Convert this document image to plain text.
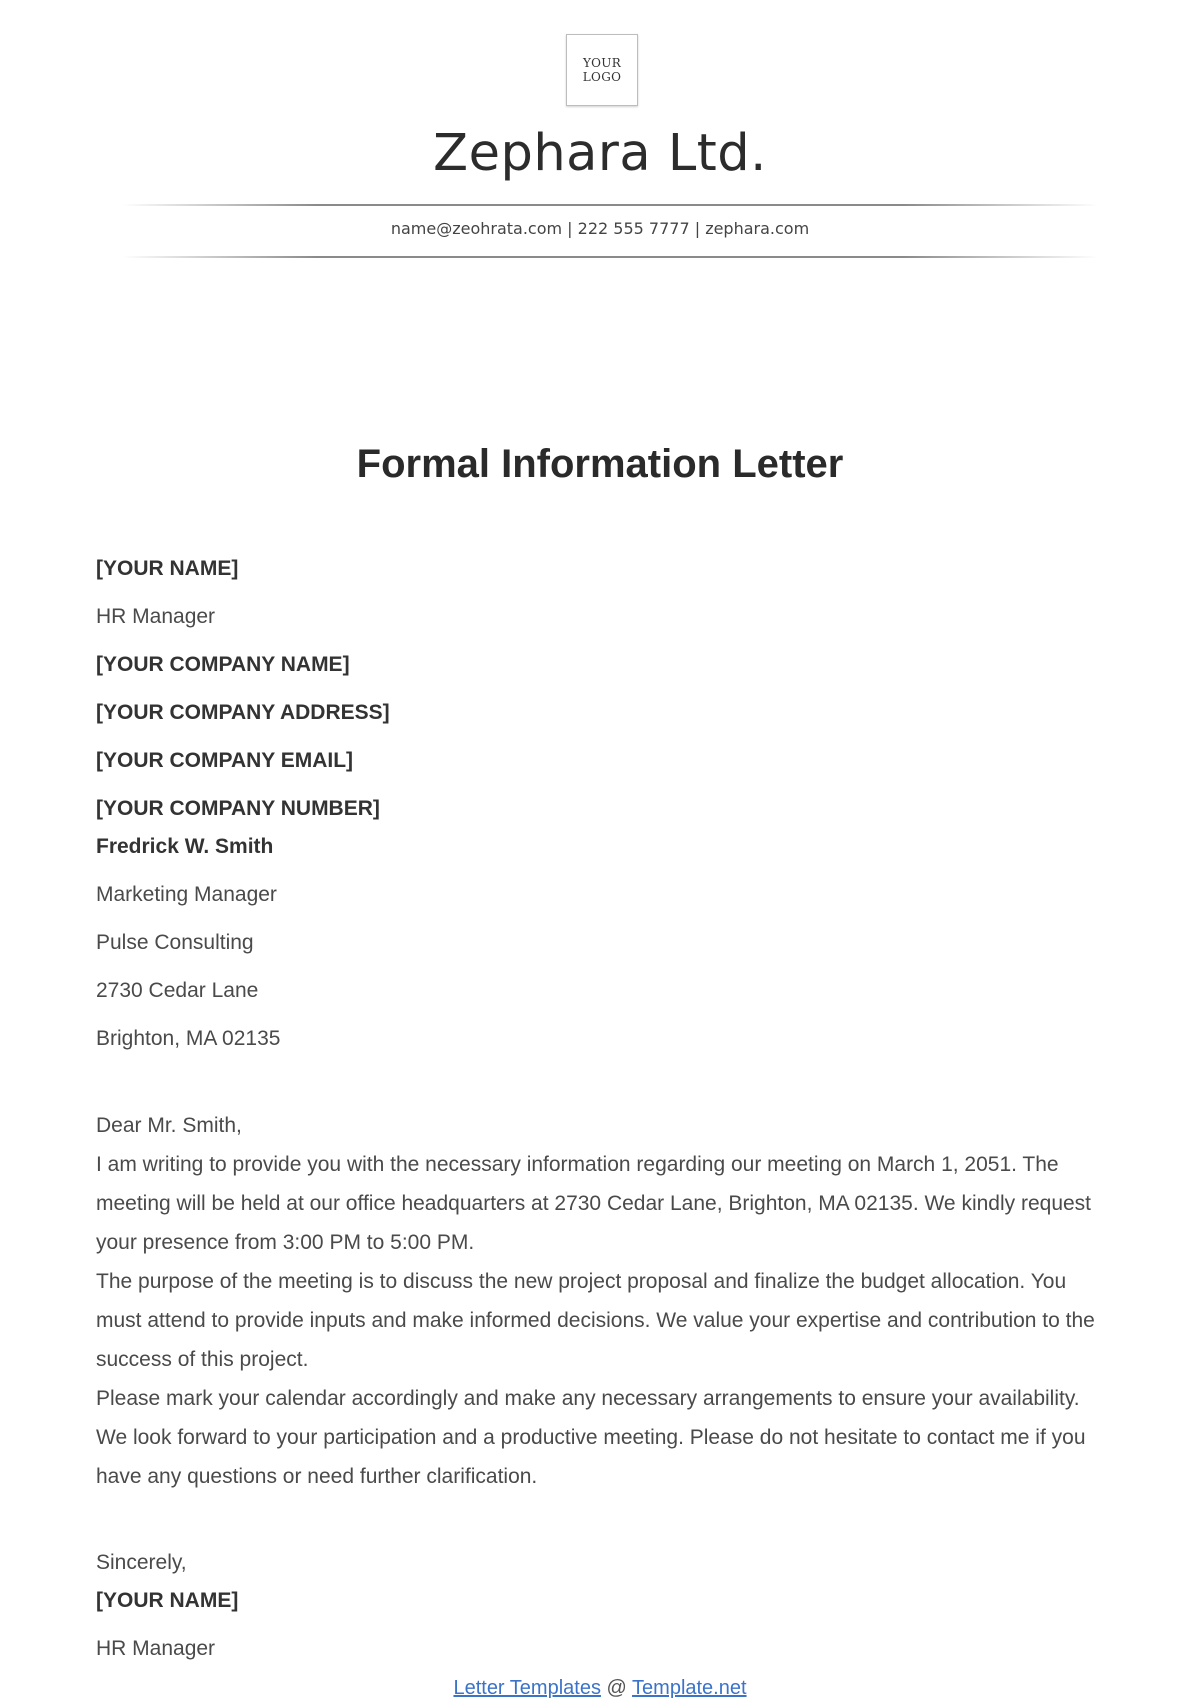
YOUR
LOGO
Zephara Ltd.
name@zeohrata.com | 222 555 7777 | zephara.com
Formal Information Letter
[YOUR NAME]
HR Manager
[YOUR COMPANY NAME]
[YOUR COMPANY ADDRESS]
[YOUR COMPANY EMAIL]
[YOUR COMPANY NUMBER]
Fredrick W. Smith
Marketing Manager
Pulse Consulting
2730 Cedar Lane
Brighton, MA 02135
Dear Mr. Smith,
I am writing to provide you with the necessary information regarding our meeting on March 1, 2051. The meeting will be held at our office headquarters at 2730 Cedar Lane, Brighton, MA 02135. We kindly request your presence from 3:00 PM to 5:00 PM.
The purpose of the meeting is to discuss the new project proposal and finalize the budget allocation. You must attend to provide inputs and make informed decisions. We value your expertise and contribution to the success of this project.
Please mark your calendar accordingly and make any necessary arrangements to ensure your availability. We look forward to your participation and a productive meeting. Please do not hesitate to contact me if you have any questions or need further clarification.
Sincerely,
[YOUR NAME]
HR Manager
Letter Templates @ Template.net
